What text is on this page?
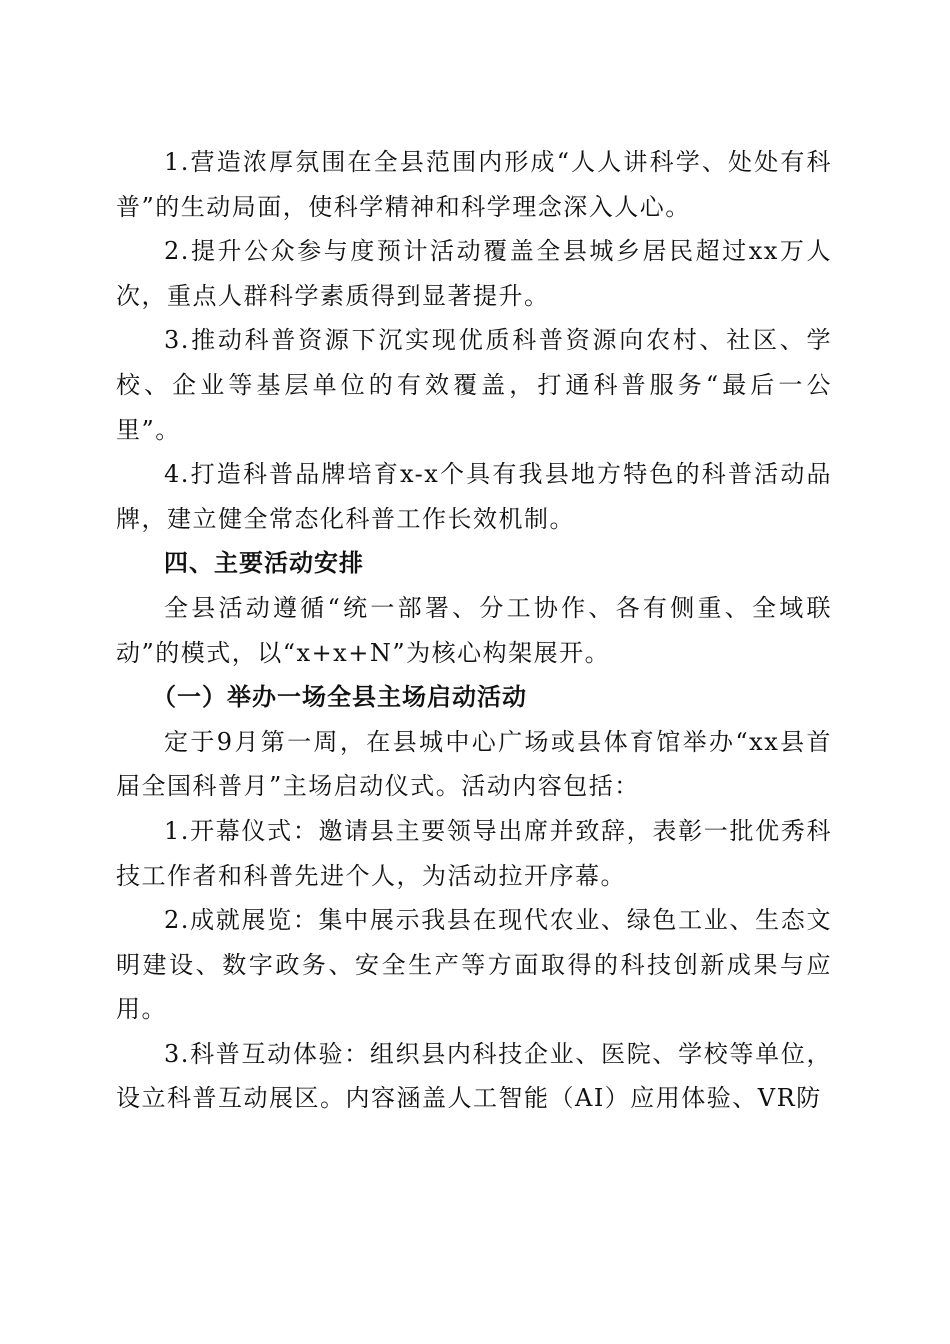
1.营造浓厚氛围在全县范围内形成“人人讲科学、处处有科普”的生动局面，使科学精神和科学理念深入人心。

2.提升公众参与度预计活动覆盖全县城乡居民超过xx万人次，重点人群科学素质得到显著提升。

3.推动科普资源下沉实现优质科普资源向农村、社区、学校、企业等基层单位的有效覆盖，打通科普服务“最后一公里”。

4.打造科普品牌培育x-x个具有我县地方特色的科普活动品牌，建立健全常态化科普工作长效机制。

四、主要活动安排

全县活动遵循“统一部署、分工协作、各有侧重、全域联动”的模式，以“x+x+N”为核心构架展开。

（一）举办一场全县主场启动活动

定于9月第一周，在县城中心广场或县体育馆举办“xx县首届全国科普月”主场启动仪式。活动内容包括：

1.开幕仪式：邀请县主要领导出席并致辞，表彰一批优秀科技工作者和科普先进个人，为活动拉开序幕。

2.成就展览：集中展示我县在现代农业、绿色工业、生态文明建设、数字政务、安全生产等方面取得的科技创新成果与应用。

3.科普互动体验：组织县内科技企业、医院、学校等单位，设立科普互动展区。内容涵盖人工智能（AI）应用体验、VR防
